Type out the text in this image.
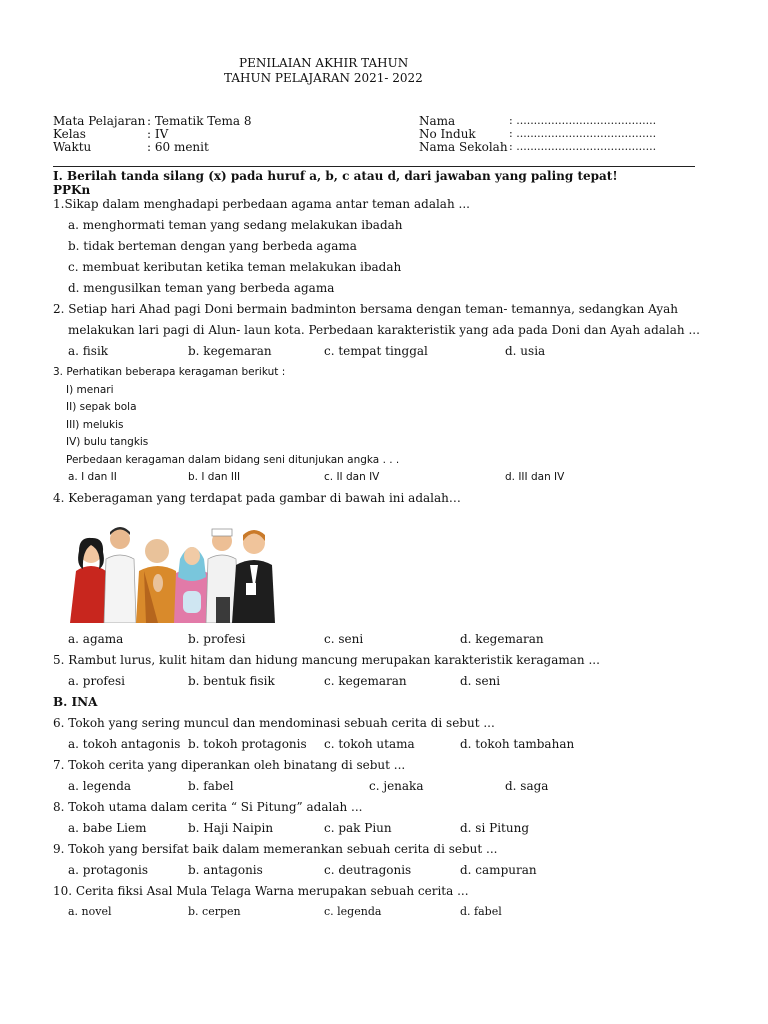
PENILAIAN AKHIR TAHUN
TAHUN PELAJARAN 2021- 2022
Mata Pelajaran : Tematik Tema 8
Kelas	: IV
Waktu	: 60 menit
Nama	: ........................................
No Induk	: ........................................
Nama Sekolah : ........................................
I. Berilah tanda silang (x) pada huruf a, b, c atau d, dari jawaban yang paling tepat!
PPKn
1.Sikap dalam menghadapi perbedaan agama antar teman adalah ...
a. menghormati teman yang sedang melakukan ibadah
b. tidak berteman dengan yang berbeda agama
c. membuat keributan ketika teman melakukan ibadah
d. mengusilkan teman yang berbeda agama
2. Setiap hari Ahad pagi Doni bermain badminton bersama dengan teman- temannya, sedangkan Ayah
melakukan lari pagi di Alun- laun kota. Perbedaan karakteristik yang ada pada Doni dan Ayah adalah ...
a. fisik	b. kegemaran	c. tempat tinggal	d. usia
3. Perhatikan beberapa keragaman berikut :
I) menari
II) sepak bola
III) melukis
IV) bulu tangkis
Perbedaan keragaman dalam bidang seni ditunjukan angka . . .
a. I dan II	b. I dan III	c. II dan IV	d. III dan IV
4. Keberagaman yang terdapat pada gambar di bawah ini adalah…
a. agama	b. profesi	c. seni	d. kegemaran
5. Rambut lurus, kulit hitam dan hidung mancung merupakan karakteristik keragaman ...
a. profesi	b. bentuk fisik	c. kegemaran	d. seni
B. INA
6. Tokoh yang sering muncul dan mendominasi sebuah cerita di sebut ...
a. tokoh antagonis b. tokoh protagonis c. tokoh utama	d. tokoh tambahan
7. Tokoh cerita yang diperankan oleh binatang di sebut ...
a. legenda	b. fabel	c. jenaka	d. saga
8. Tokoh utama dalam cerita “ Si Pitung” adalah ...
a. babe Liem	b. Haji Naipin	c. pak Piun	d. si Pitung
9. Tokoh yang bersifat baik dalam memerankan sebuah cerita di sebut ...
a. protagonis	b. antagonis	c. deutragonis	d. campuran
10. Cerita fiksi Asal Mula Telaga Warna merupakan sebuah cerita ...
a. novel	b. cerpen	c. legenda	d. fabel
